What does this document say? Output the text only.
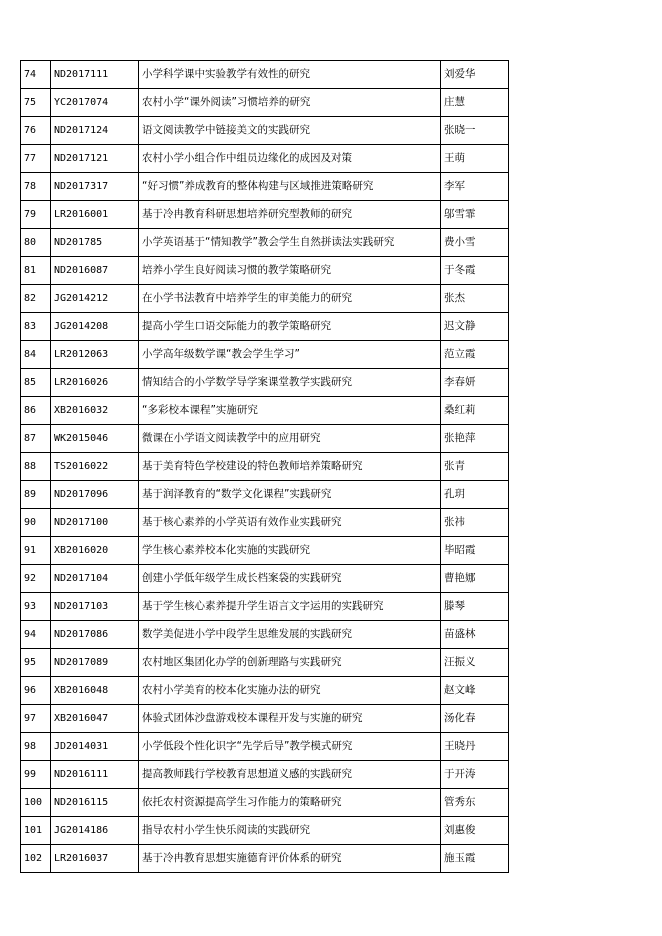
74	ND2017111	小学科学课中实验教学有效性的研究	刘爱华
75	YC2017074	农村小学“课外阅读”习惯培养的研究	庄慧
76	ND2017124	语文阅读教学中链接美文的实践研究	张晓一
77	ND2017121	农村小学小组合作中组员边缘化的成因及对策	王萌
78	ND2017317	“好习惯”养成教育的整体构建与区域推进策略研究	李军
79	LR2016001	基于冷冉教育科研思想培养研究型教师的研究	邬雪霏
80	ND201785	小学英语基于“情知教学”教会学生自然拼读法实践研究	费小雪
81	ND2016087	培养小学生良好阅读习惯的教学策略研究	于冬霞
82	JG2014212	在小学书法教育中培养学生的审美能力的研究	张杰
83	JG2014208	提高小学生口语交际能力的教学策略研究	迟文静
84	LR2012063	小学高年级数学课“教会学生学习”	范立霞
85	LR2016026	情知结合的小学数学导学案课堂教学实践研究	李春妍
86	XB2016032	“多彩校本课程”实施研究	桑红莉
87	WK2015046	微课在小学语文阅读教学中的应用研究	张艳萍
88	TS2016022	基于美育特色学校建设的特色教师培养策略研究	张青
89	ND2017096	基于润泽教育的“数学文化课程”实践研究	孔玥
90	ND2017100	基于核心素养的小学英语有效作业实践研究	张祎
91	XB2016020	学生核心素养校本化实施的实践研究	毕昭霞
92	ND2017104	创建小学低年级学生成长档案袋的实践研究	曹艳娜
93	ND2017103	基于学生核心素养提升学生语言文字运用的实践研究	滕琴
94	ND2017086	数学美促进小学中段学生思维发展的实践研究	苗盛林
95	ND2017089	农村地区集团化办学的创新理路与实践研究	汪振义
96	XB2016048	农村小学美育的校本化实施办法的研究	赵文峰
97	XB2016047	体验式团体沙盘游戏校本课程开发与实施的研究	汤化春
98	JD2014031	小学低段个性化识字“先学后导”教学模式研究	王晓丹
99	ND2016111	提高教师践行学校教育思想道义感的实践研究	于开涛
100	ND2016115	依托农村资源提高学生习作能力的策略研究	管秀东
101	JG2014186	指导农村小学生快乐阅读的实践研究	刘惠俊
102	LR2016037	基于冷冉教育思想实施德育评价体系的研究	施玉霞
